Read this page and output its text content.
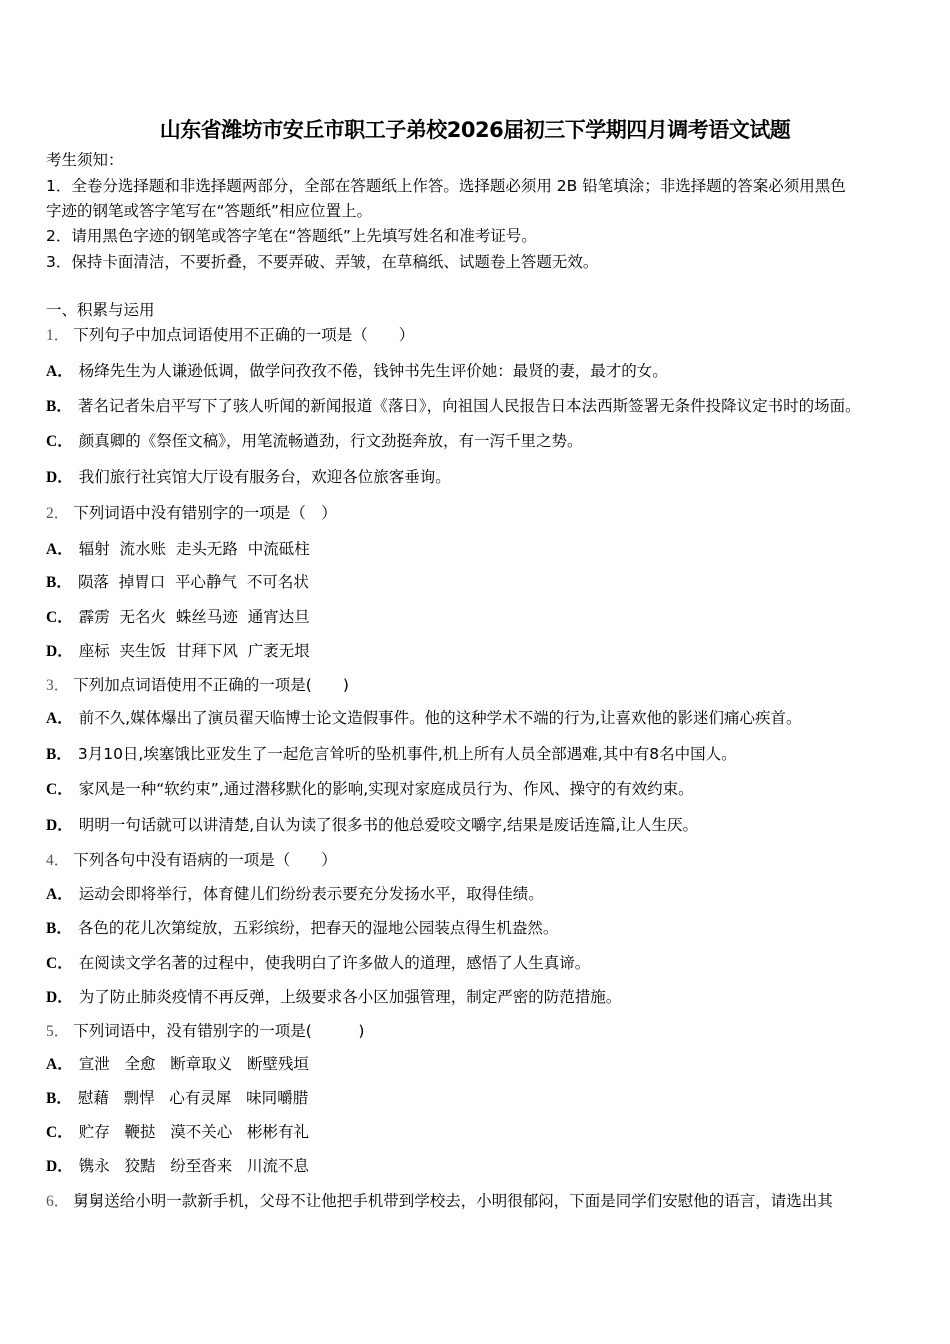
山东省潍坊市安丘市职工子弟校2026届初三下学期四月调考语文试题
考生须知：
1．全卷分选择题和非选择题两部分，全部在答题纸上作答。选择题必须用 2B 铅笔填涂；非选择题的答案必须用黑色
字迹的钢笔或答字笔写在“答题纸”相应位置上。
2．请用黑色字迹的钢笔或答字笔在“答题纸”上先填写姓名和准考证号。
3．保持卡面清洁，不要折叠，不要弄破、弄皱，在草稿纸、试题卷上答题无效。
一、积累与运用
1． 下列句子中加点词语使用不正确的一项是（　　）
A． 杨绛先生为人谦逊低调，做学问孜孜不倦，钱钟书先生评价她：最贤的妻，最才的女。
B． 著名记者朱启平写下了骇人听闻的新闻报道《落日》，向祖国人民报告日本法西斯签署无条件投降议定书时的场面。
C． 颜真卿的《祭侄文稿》，用笔流畅遒劲，行文劲挺奔放，有一泻千里之势。
D． 我们旅行社宾馆大厅设有服务台，欢迎各位旅客垂询。
2． 下列词语中没有错别字的一项是（　）
A． 辐射  流水账  走头无路  中流砥柱
B． 陨落  掉胃口  平心静气  不可名状
C． 霹雳  无名火  蛛丝马迹  通宵达旦
D． 座标  夹生饭  甘拜下风  广袤无垠
3． 下列加点词语使用不正确的一项是(　　)
A． 前不久,媒体爆出了演员翟天临博士论文造假事件。他的这种学术不端的行为,让喜欢他的影迷们痛心疾首。
B． 3月10日,埃塞饿比亚发生了一起危言耸听的坠机事件,机上所有人员全部遇难,其中有8名中国人。
C． 家风是一种“软约束”,通过潜移默化的影响,实现对家庭成员行为、作风、操守的有效约束。
D． 明明一句话就可以讲清楚,自认为读了很多书的他总爱咬文嚼字,结果是废话连篇,让人生厌。
4． 下列各句中没有语病的一项是（　　）
A． 运动会即将举行，体育健儿们纷纷表示要充分发扬水平，取得佳绩。
B． 各色的花儿次第绽放，五彩缤纷，把春天的湿地公园装点得生机盎然。
C． 在阅读文学名著的过程中，使我明白了许多做人的道理，感悟了人生真谛。
D． 为了防止肺炎疫情不再反弹，上级要求各小区加强管理，制定严密的防范措施。
5． 下列词语中，没有错别字的一项是(　　　)
A． 宣泄   全愈   断章取义   断壁残垣
B． 慰藉   剽悍   心有灵犀   味同嚼腊
C． 贮存   鞭挞   漠不关心   彬彬有礼
D． 镌永   狡黠   纷至沓来   川流不息
6． 舅舅送给小明一款新手机，父母不让他把手机带到学校去，小明很郁闷，下面是同学们安慰他的语言，请选出其
